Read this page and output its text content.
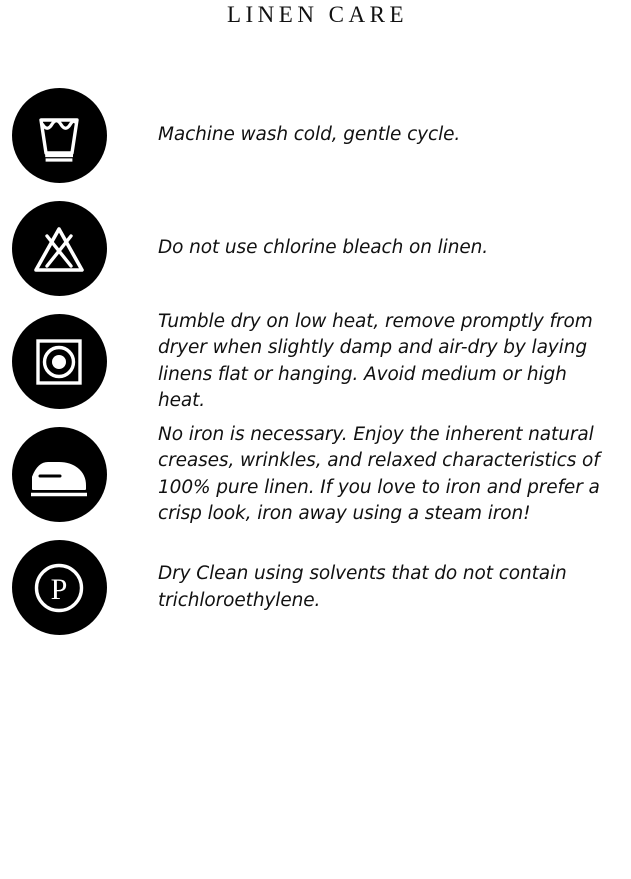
LINEN CARE
Machine wash cold, gentle cycle.
Do not use chlorine bleach on linen.
Tumble dry on low heat, remove promptly from dryer when slightly damp and air-dry by laying linens flat or hanging. Avoid medium or high heat.
No iron is necessary. Enjoy the inherent natural creases, wrinkles, and relaxed characteristics of 100% pure linen. If you love to iron and prefer a crisp look, iron away using a steam iron!
P	Dry Clean using solvents that do not contain trichloroethylene.
